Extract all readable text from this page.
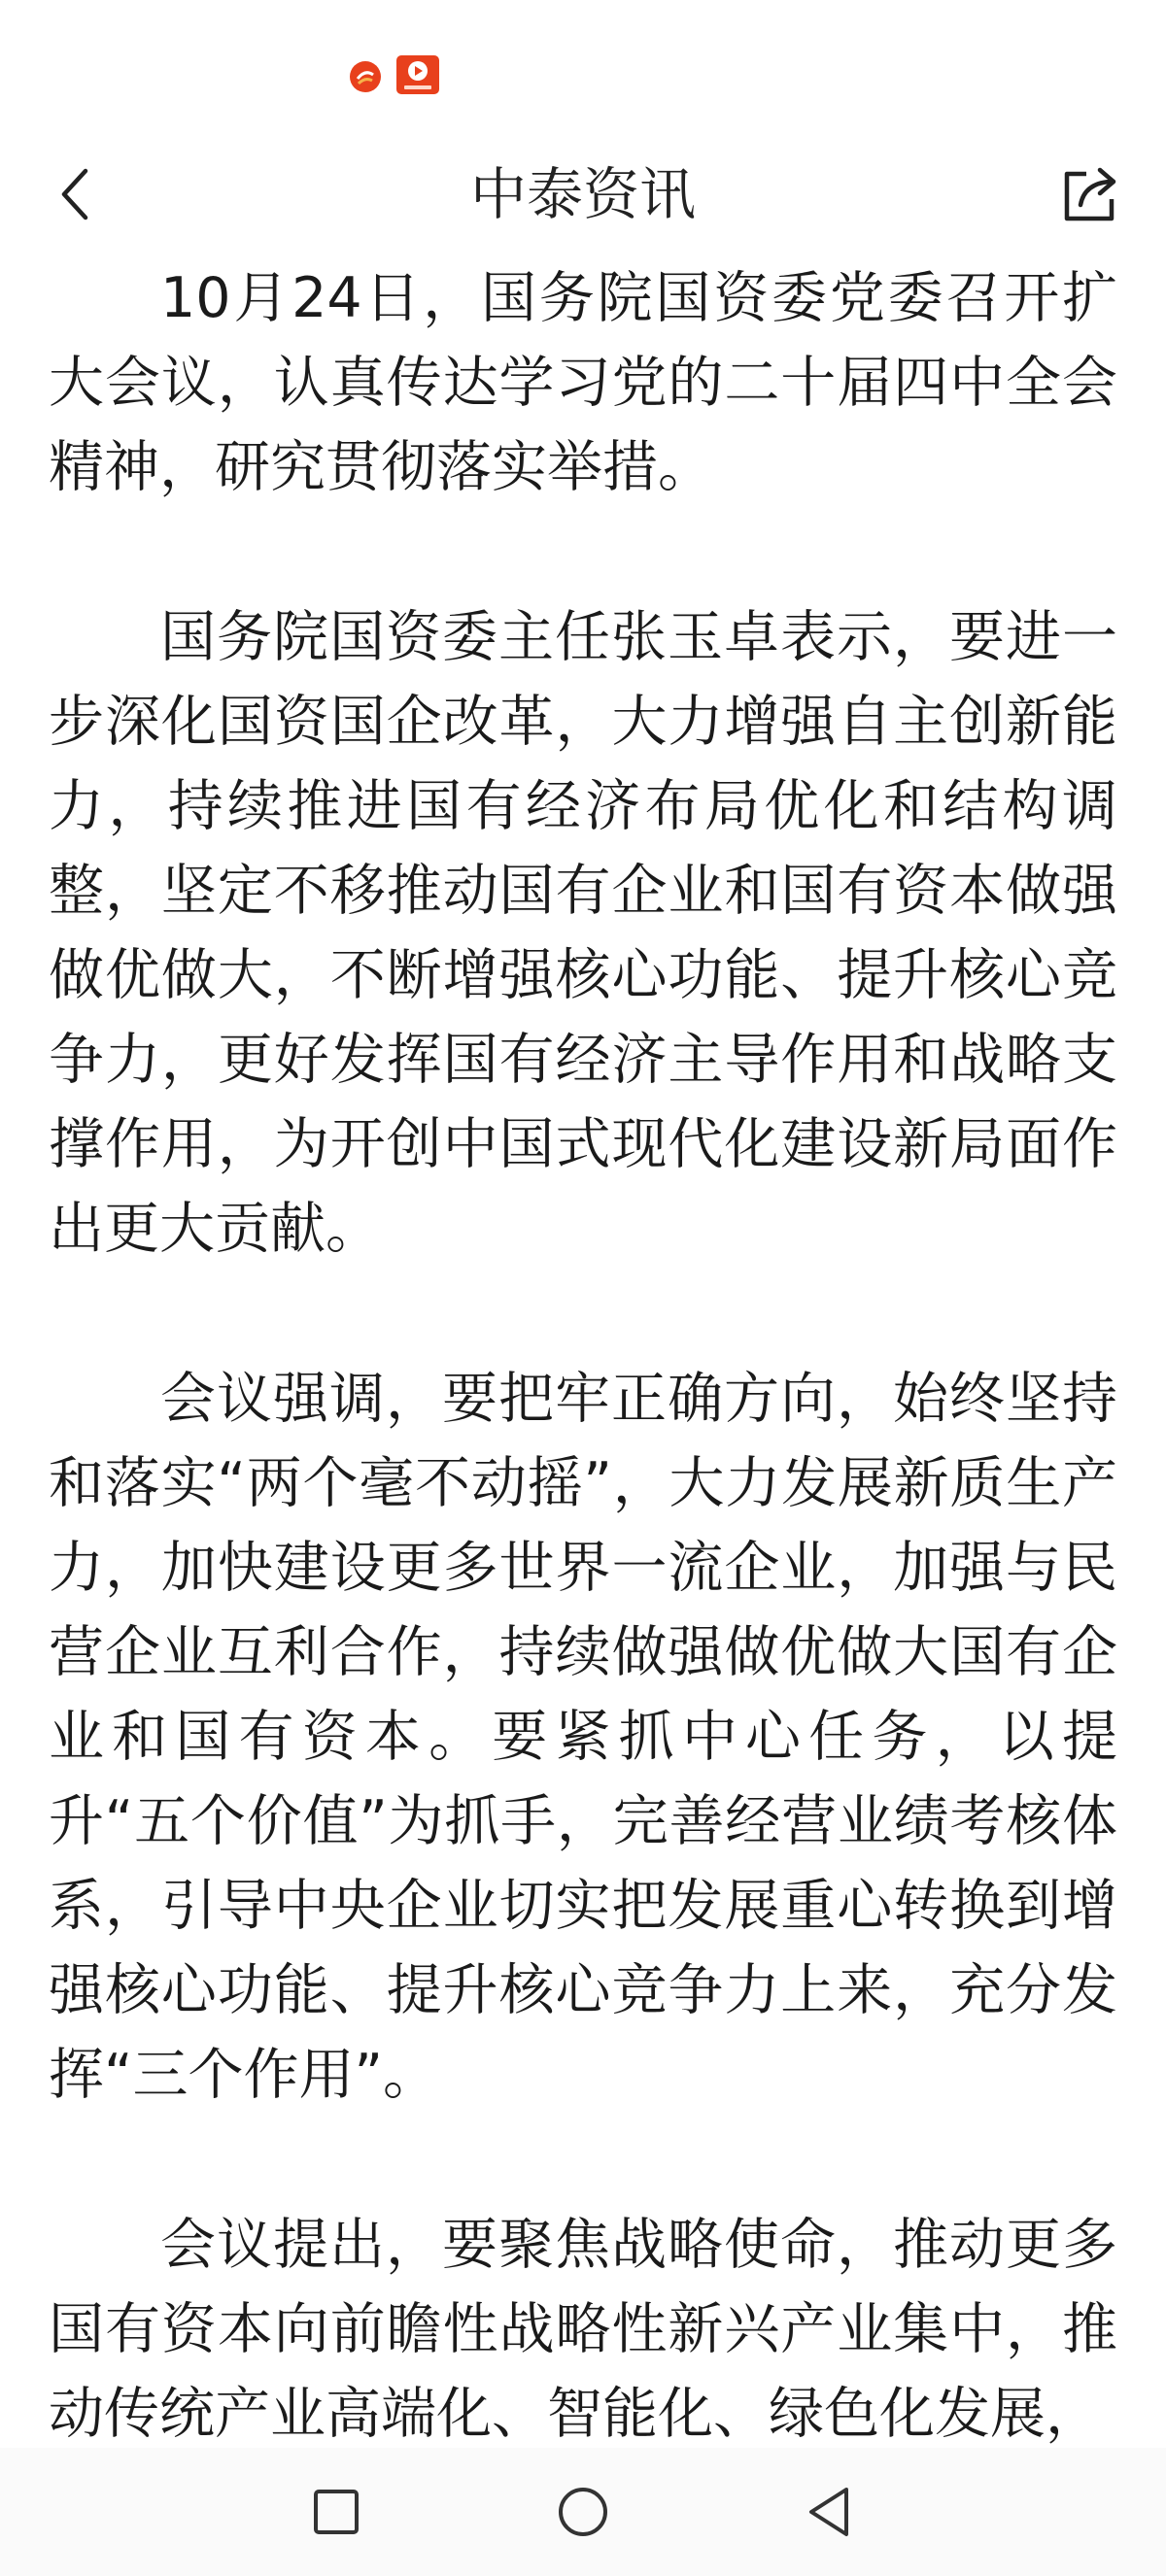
中泰资讯

10月24日，国务院国资委党委召开扩大会议，认真传达学习党的二十届四中全会精神，研究贯彻落实举措。

国务院国资委主任张玉卓表示，要进一步深化国资国企改革，大力增强自主创新能力，持续推进国有经济布局优化和结构调整，坚定不移推动国有企业和国有资本做强做优做大，不断增强核心功能、提升核心竞争力，更好发挥国有经济主导作用和战略支撑作用，为开创中国式现代化建设新局面作出更大贡献。

会议强调，要把牢正确方向，始终坚持和落实“两个毫不动摇”，大力发展新质生产力，加快建设更多世界一流企业，加强与民营企业互利合作，持续做强做优做大国有企业和国有资本。要紧抓中心任务，以提升“五个价值”为抓手，完善经营业绩考核体系，引导中央企业切实把发展重心转换到增强核心功能、提升核心竞争力上来，充分发挥“三个作用”。

会议提出，要聚焦战略使命，推动更多国有资本向前瞻性战略性新兴产业集中，推动传统产业高端化、智能化、绿色化发展，
